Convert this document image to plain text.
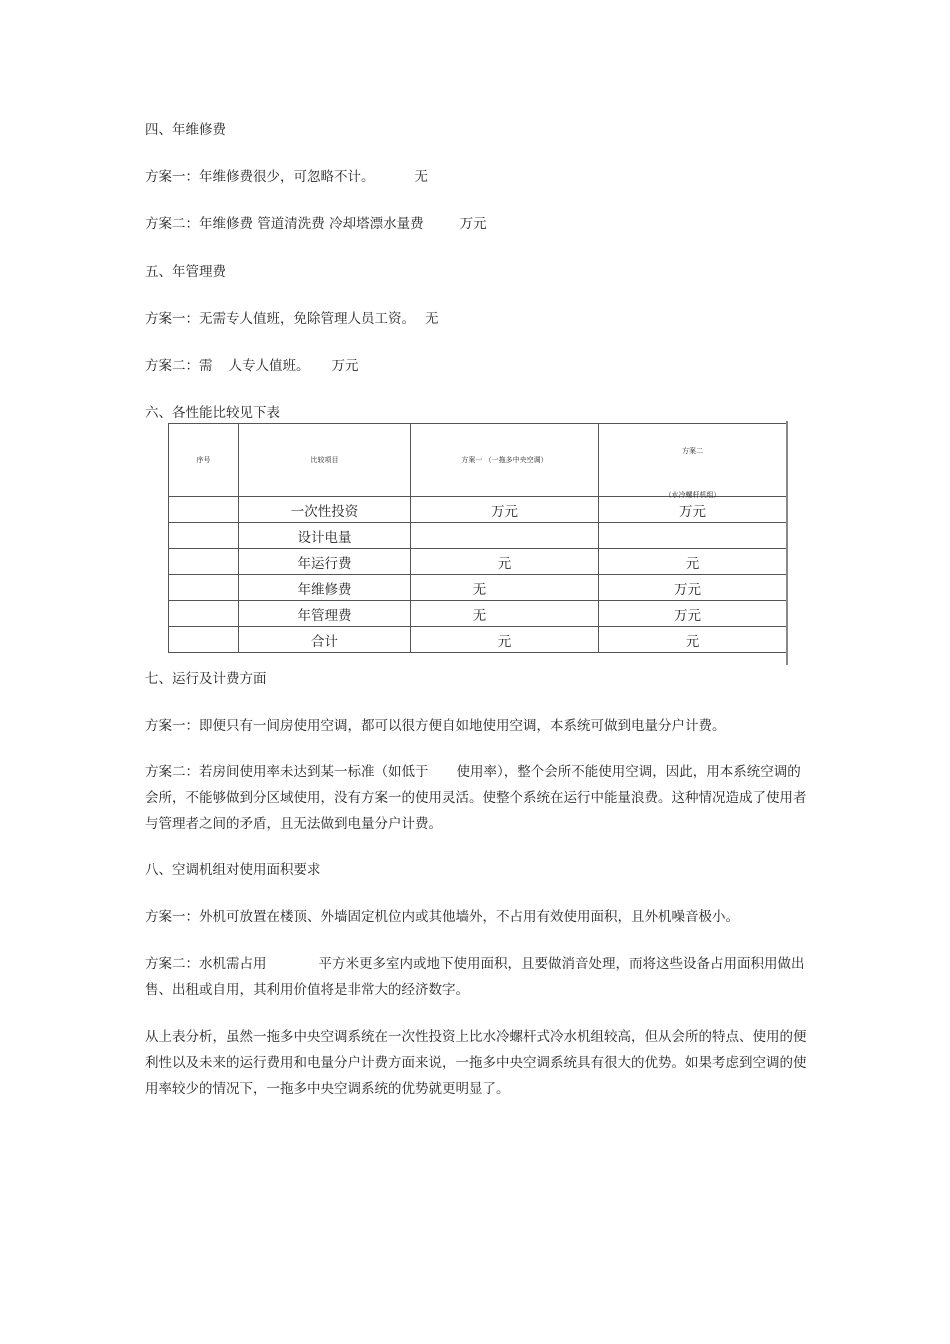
四、年维修费
方案一：年维修费很少，可忽略不计。	无
方案二：年维修费 管道清洗费 冷却塔漂水量费	万元
五、年管理费
方案一：无需专人值班，免除管理人员工资。 无
方案二：需 人专人值班。 万元
六、各性能比较见下表
序号	比较项目	方案一 （一拖多中央空调）	方案二
（水冷螺杆机组）

	一次性投资	万元	万元
	设计电量		
	年运行费	元	元
	年维修费	无	万元
	年管理费	无	万元
	合计	元	元
七、运行及计费方面
方案一：即便只有一间房使用空调，都可以很方便自如地使用空调，本系统可做到电量分户计费。
方案二：若房间使用率未达到某一标准（如低于 使用率），整个会所不能使用空调，因此，用本系统空调的会所，不能够做到分区域使用，没有方案一的使用灵活。使整个系统在运行中能量浪费。这种情况造成了使用者与管理者之间的矛盾，且无法做到电量分户计费。
八、空调机组对使用面积要求
方案一：外机可放置在楼顶、外墙固定机位内或其他墙外，不占用有效使用面积，且外机噪音极小。
方案二：水机需占用	平方米更多室内或地下使用面积，且要做消音处理，而将这些设备占用面积用做出售、出租或自用，其利用价值将是非常大的经济数字。
从上表分析，虽然一拖多中央空调系统在一次性投资上比水冷螺杆式冷水机组较高，但从会所的特点、使用的便利性以及未来的运行费用和电量分户计费方面来说，一拖多中央空调系统具有很大的优势。如果考虑到空调的使用率较少的情况下，一拖多中央空调系统的优势就更明显了。
